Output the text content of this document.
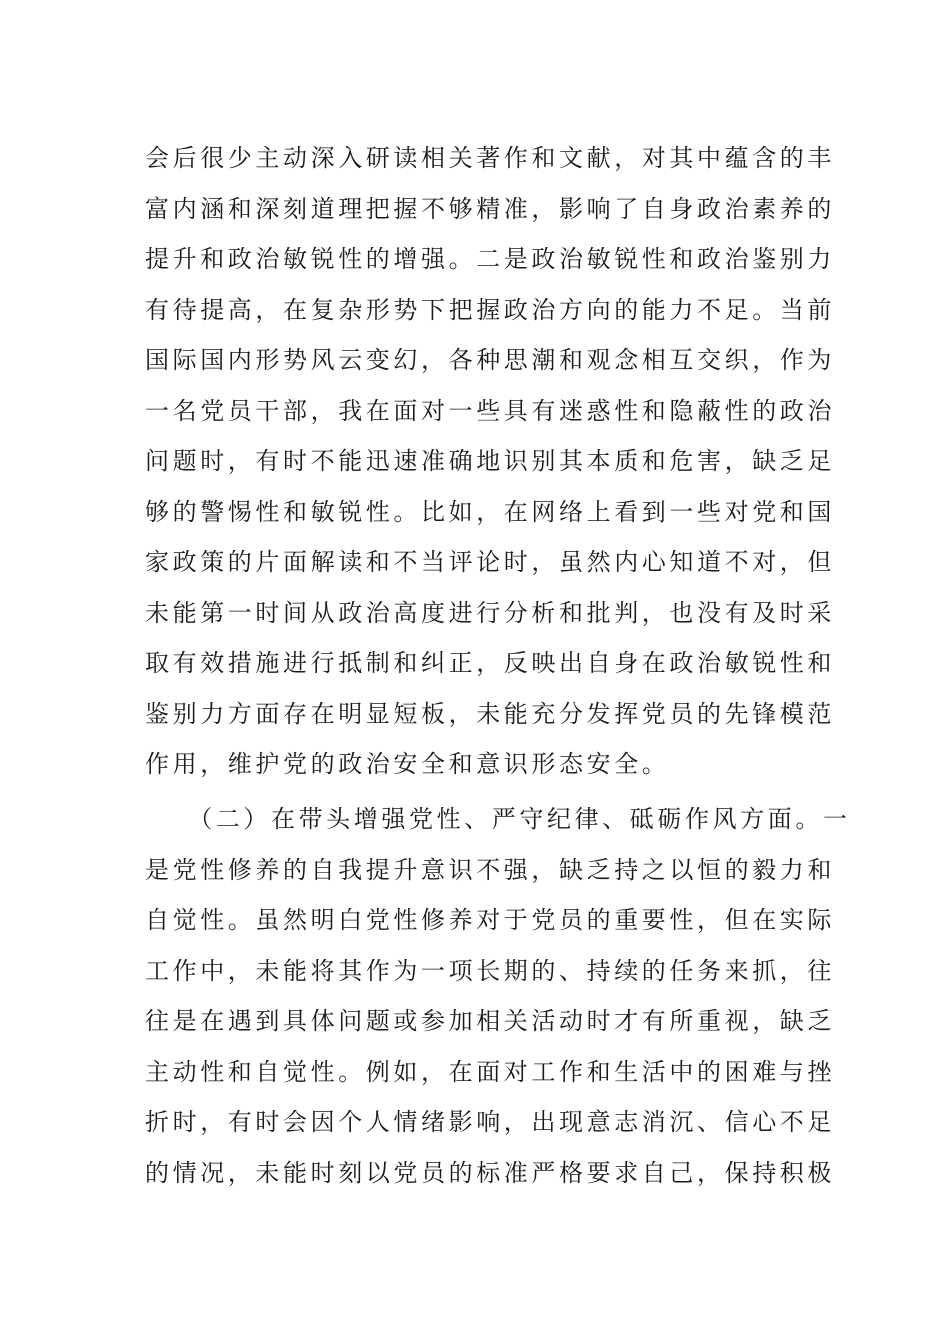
会后很少主动深入研读相关著作和文献，对其中蕴含的丰
富内涵和深刻道理把握不够精准，影响了自身政治素养的
提升和政治敏锐性的增强。二是政治敏锐性和政治鉴别力
有待提高，在复杂形势下把握政治方向的能力不足。当前
国际国内形势风云变幻，各种思潮和观念相互交织，作为
一名党员干部，我在面对一些具有迷惑性和隐蔽性的政治
问题时，有时不能迅速准确地识别其本质和危害，缺乏足
够的警惕性和敏锐性。比如，在网络上看到一些对党和国
家政策的片面解读和不当评论时，虽然内心知道不对，但
未能第一时间从政治高度进行分析和批判，也没有及时采
取有效措施进行抵制和纠正，反映出自身在政治敏锐性和
鉴别力方面存在明显短板，未能充分发挥党员的先锋模范
作用，维护党的政治安全和意识形态安全。
　　（二）在带头增强党性、严守纪律、砥砺作风方面。一
是党性修养的自我提升意识不强，缺乏持之以恒的毅力和
自觉性。虽然明白党性修养对于党员的重要性，但在实际
工作中，未能将其作为一项长期的、持续的任务来抓，往
往是在遇到具体问题或参加相关活动时才有所重视，缺乏
主动性和自觉性。例如，在面对工作和生活中的困难与挫
折时，有时会因个人情绪影响，出现意志消沉、信心不足
的情况，未能时刻以党员的标准严格要求自己，保持积极
